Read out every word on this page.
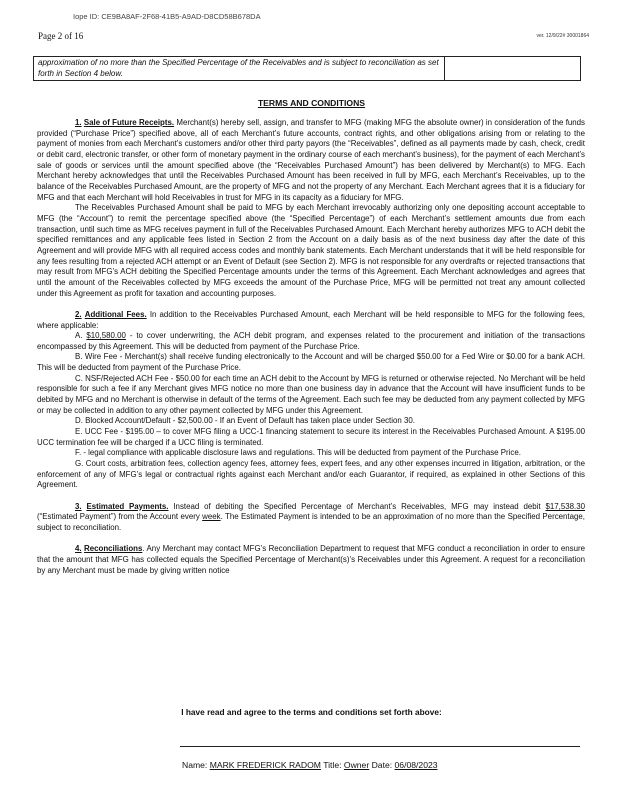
Iope ID: CE9BA8AF-2F68-41B5-A9AD-D8CD58B678DA
Page 2 of 16	ver. 12/9/22# 30001864
approximation of no more than the Specified Percentage of the Receivables and is subject to reconciliation as set forth in Section 4 below.	
TERMS AND CONDITIONS

1. Sale of Future Receipts. Merchant(s) hereby sell, assign, and transfer to MFG (making MFG the absolute owner) in consideration of the funds provided (“Purchase Price”) specified above, all of each Merchant’s future accounts, contract rights, and other obligations arising from or relating to the payment of monies from each Merchant’s customers and/or other third party payors (the “Receivables”, defined as all payments made by cash, check, credit or debit card, electronic transfer, or other form of monetary payment in the ordinary course of each merchant’s business), for the payment of each Merchant’s sale of goods or services until the amount specified above (the “Receivables Purchased Amount”) has been delivered by Merchant(s) to MFG. Each Merchant hereby acknowledges that until the Receivables Purchased Amount has been received in full by MFG, each Merchant’s Receivables, up to the balance of the Receivables Purchased Amount, are the property of MFG and not the property of any Merchant. Each Merchant agrees that it is a fiduciary for MFG and that each Merchant will hold Receivables in trust for MFG in its capacity as a fiduciary for MFG.

The Receivables Purchased Amount shall be paid to MFG by each Merchant irrevocably authorizing only one depositing account acceptable to MFG (the “Account”) to remit the percentage specified above (the “Specified Percentage”) of each Merchant’s settlement amounts due from each transaction, until such time as MFG receives payment in full of the Receivables Purchased Amount. Each Merchant hereby authorizes MFG to ACH debit the specified remittances and any applicable fees listed in Section 2 from the Account on a daily basis as of the next business day after the date of this Agreement and will provide MFG with all required access codes and monthly bank statements. Each Merchant understands that it will be held responsible for any fees resulting from a rejected ACH attempt or an Event of Default (see Section 2). MFG is not responsible for any overdrafts or rejected transactions that may result from MFG’s ACH debiting the Specified Percentage amounts under the terms of this Agreement. Each Merchant acknowledges and agrees that until the amount of the Receivables collected by MFG exceeds the amount of the Purchase Price, MFG will be permitted not treat any amount collected under this Agreement as profit for taxation and accounting purposes.

2. Additional Fees. In addition to the Receivables Purchased Amount, each Merchant will be held responsible to MFG for the following fees, where applicable:

A. $10,580.00 - to cover underwriting, the ACH debit program, and expenses related to the procurement and initiation of the transactions encompassed by this Agreement. This will be deducted from payment of the Purchase Price.

B. Wire Fee - Merchant(s) shall receive funding electronically to the Account and will be charged $50.00 for a Fed Wire or $0.00 for a bank ACH. This will be deducted from payment of the Purchase Price.

C. NSF/Rejected ACH Fee - $50.00 for each time an ACH debit to the Account by MFG is returned or otherwise rejected. No Merchant will be held responsible for such a fee if any Merchant gives MFG notice no more than one business day in advance that the Account will have insufficient funds to be debited by MFG and no Merchant is otherwise in default of the terms of the Agreement. Each such fee may be deducted from any payment collected by MFG or may be collected in addition to any other payment collected by MFG under this Agreement.

D. Blocked Account/Default - $2,500.00 - If an Event of Default has taken place under Section 30.

E. UCC Fee - $195.00 – to cover MFG filing a UCC-1 financing statement to secure its interest in the Receivables Purchased Amount. A $195.00 UCC termination fee will be charged if a UCC filing is terminated.

F. - legal compliance with applicable disclosure laws and regulations. This will be deducted from payment of the Purchase Price.

G. Court costs, arbitration fees, collection agency fees, attorney fees, expert fees, and any other expenses incurred in litigation, arbitration, or the enforcement of any of MFG’s legal or contractual rights against each Merchant and/or each Guarantor, if required, as explained in other Sections of this Agreement.

3. Estimated Payments. Instead of debiting the Specified Percentage of Merchant’s Receivables, MFG may instead debit $17,538.30 (“Estimated Payment”) from the Account every week. The Estimated Payment is intended to be an approximation of no more than the Specified Percentage, subject to reconciliation.

4. Reconciliations. Any Merchant may contact MFG’s Reconciliation Department to request that MFG conduct a reconciliation in order to ensure that the amount that MFG has collected equals the Specified Percentage of Merchant(s)’s Receivables under this Agreement. A request for a reconciliation by any Merchant must be made by giving written notice

I have read and agree to the terms and conditions set forth above:
Name: MARK FREDERICK RADOM Title: Owner Date: 06/08/2023
